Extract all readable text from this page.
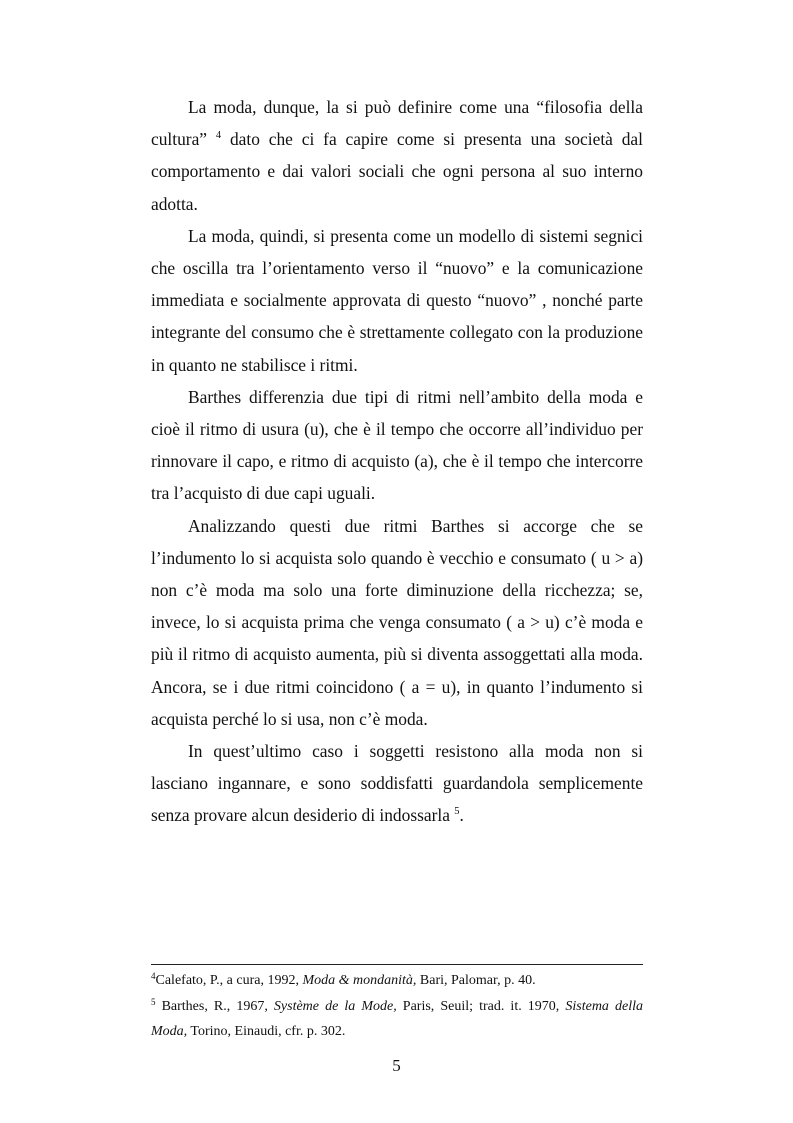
La moda, dunque, la si può definire come una “filosofia della cultura” $^4$ dato che ci fa capire come si presenta una società dal comportamento e dai valori sociali che ogni persona al suo interno adotta.

La moda, quindi, si presenta come un modello di sistemi segnici che oscilla tra l’orientamento verso il “nuovo” e la comunicazione immediata e socialmente approvata di questo “nuovo” , nonché parte integrante del consumo che è strettamente collegato con la produzione in quanto ne stabilisce i ritmi.

Barthes differenzia due tipi di ritmi nell’ambito della moda e cioè il ritmo di usura (u), che è il tempo che occorre all’individuo per rinnovare il capo, e ritmo di acquisto (a), che è il tempo che intercorre tra l’acquisto di due capi uguali.

Analizzando questi due ritmi Barthes si accorge che se l’indumento lo si acquista solo quando è vecchio e consumato ( u > a) non c’è moda ma solo una forte diminuzione della ricchezza; se, invece, lo si acquista prima che venga consumato ( a > u) c’è moda e più il ritmo di acquisto aumenta, più si diventa assoggettati alla moda. Ancora, se i due ritmi coincidono ( a = u), in quanto l’indumento si acquista perché lo si usa, non c’è moda.

In quest’ultimo caso i soggetti resistono alla moda non si lasciano ingannare, e sono soddisfatti guardandola semplicemente senza provare alcun desiderio di indossarla $^5$.

$^4$Calefato, P., a cura, 1992, Moda & mondanità, Bari, Palomar, p. 40.

$^5$ Barthes, R., 1967, Système de la Mode, Paris, Seuil; trad. it. 1970, Sistema della Moda, Torino, Einaudi, cfr. p. 302.

5
